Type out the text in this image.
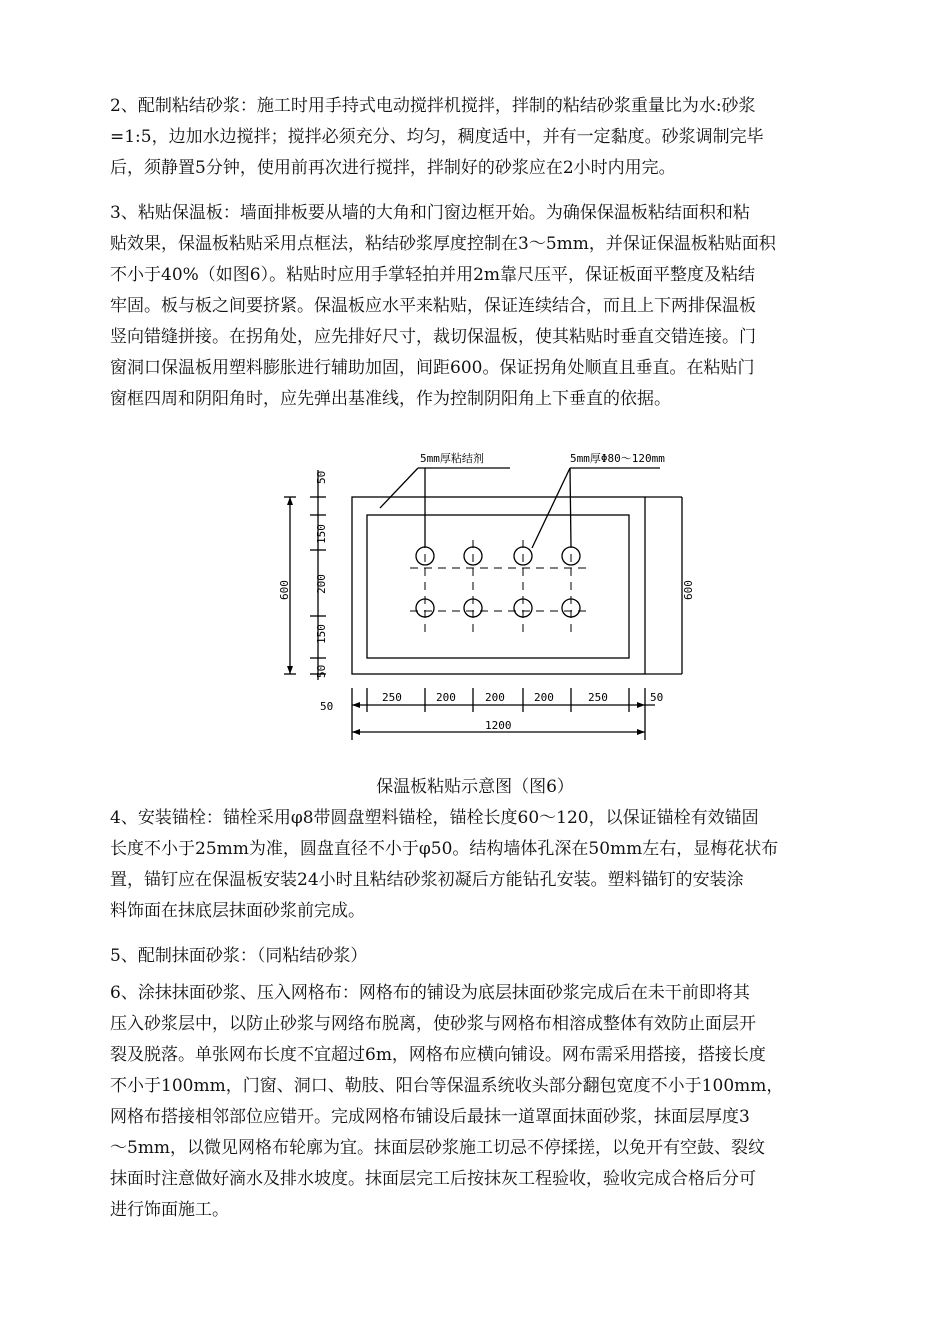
2、配制粘结砂浆：施工时用手持式电动搅拌机搅拌，拌制的粘结砂浆重量比为水:砂浆
=1:5，边加水边搅拌；搅拌必须充分、均匀，稠度适中，并有一定黏度。砂浆调制完毕
后，须静置5分钟，使用前再次进行搅拌，拌制好的砂浆应在2小时内用完。
3、粘贴保温板：墙面排板要从墙的大角和门窗边框开始。为确保保温板粘结面积和粘
贴效果，保温板粘贴采用点框法，粘结砂浆厚度控制在3～5mm，并保证保温板粘贴面积
不小于40%（如图6）。粘贴时应用手掌轻拍并用2m靠尺压平，保证板面平整度及粘结
牢固。板与板之间要挤紧。保温板应水平来粘贴，保证连续结合，而且上下两排保温板
竖向错缝拼接。在拐角处，应先排好尺寸，裁切保温板，使其粘贴时垂直交错连接。门
窗洞口保温板用塑料膨胀进行辅助加固，间距600。保证拐角处顺直且垂直。在粘贴门
窗框四周和阴阳角时，应先弹出基准线，作为控制阴阳角上下垂直的依据。
5mm厚粘结剂	5mm厚Φ80～120mm
50
150
200
150
50
600	600
50
250	200	200	200	250	50
1200
保温板粘贴示意图（图6）
4、安装锚栓：锚栓采用φ8带圆盘塑料锚栓，锚栓长度60～120，以保证锚栓有效锚固
长度不小于25mm为准，圆盘直径不小于φ50。结构墙体孔深在50mm左右，显梅花状布
置，锚钉应在保温板安装24小时且粘结砂浆初凝后方能钻孔安装。塑料锚钉的安装涂
料饰面在抹底层抹面砂浆前完成。
5、配制抹面砂浆：（同粘结砂浆）
6、涂抹抹面砂浆、压入网格布：网格布的铺设为底层抹面砂浆完成后在未干前即将其
压入砂浆层中，以防止砂浆与网络布脱离，使砂浆与网格布相溶成整体有效防止面层开
裂及脱落。单张网布长度不宜超过6m，网格布应横向铺设。网布需采用搭接，搭接长度
不小于100mm，门窗、洞口、勒肢、阳台等保温系统收头部分翻包宽度不小于100mm，
网格布搭接相邻部位应错开。完成网格布铺设后最抹一道罩面抹面砂浆，抹面层厚度3
～5mm，以微见网格布轮廓为宜。抹面层砂浆施工切忌不停揉搓，以免开有空鼓、裂纹
抹面时注意做好滴水及排水坡度。抹面层完工后按抹灰工程验收，验收完成合格后分可
进行饰面施工。
